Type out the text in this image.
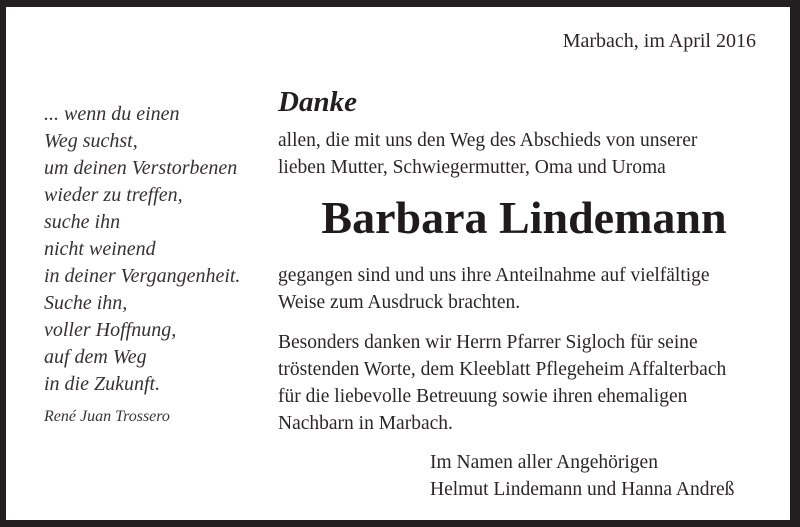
Marbach, im April 2016
... wenn du einen
Weg suchst,
um deinen Verstorbenen
wieder zu treffen,
suche ihn
nicht weinend
in deiner Vergangenheit.
Suche ihn,
voller Hoffnung,
auf dem Weg
in die Zukunft.
René Juan Trossero
Danke
allen, die mit uns den Weg des Abschieds von unserer
lieben Mutter, Schwiegermutter, Oma und Uroma
Barbara Lindemann
gegangen sind und uns ihre Anteilnahme auf vielfältige
Weise zum Ausdruck brachten.
Besonders danken wir Herrn Pfarrer Sigloch für seine
tröstenden Worte, dem Kleeblatt Pflegeheim Affalterbach
für die liebevolle Betreuung sowie ihren ehemaligen
Nachbarn in Marbach.
Im Namen aller Angehörigen
Helmut Lindemann und Hanna Andreß
